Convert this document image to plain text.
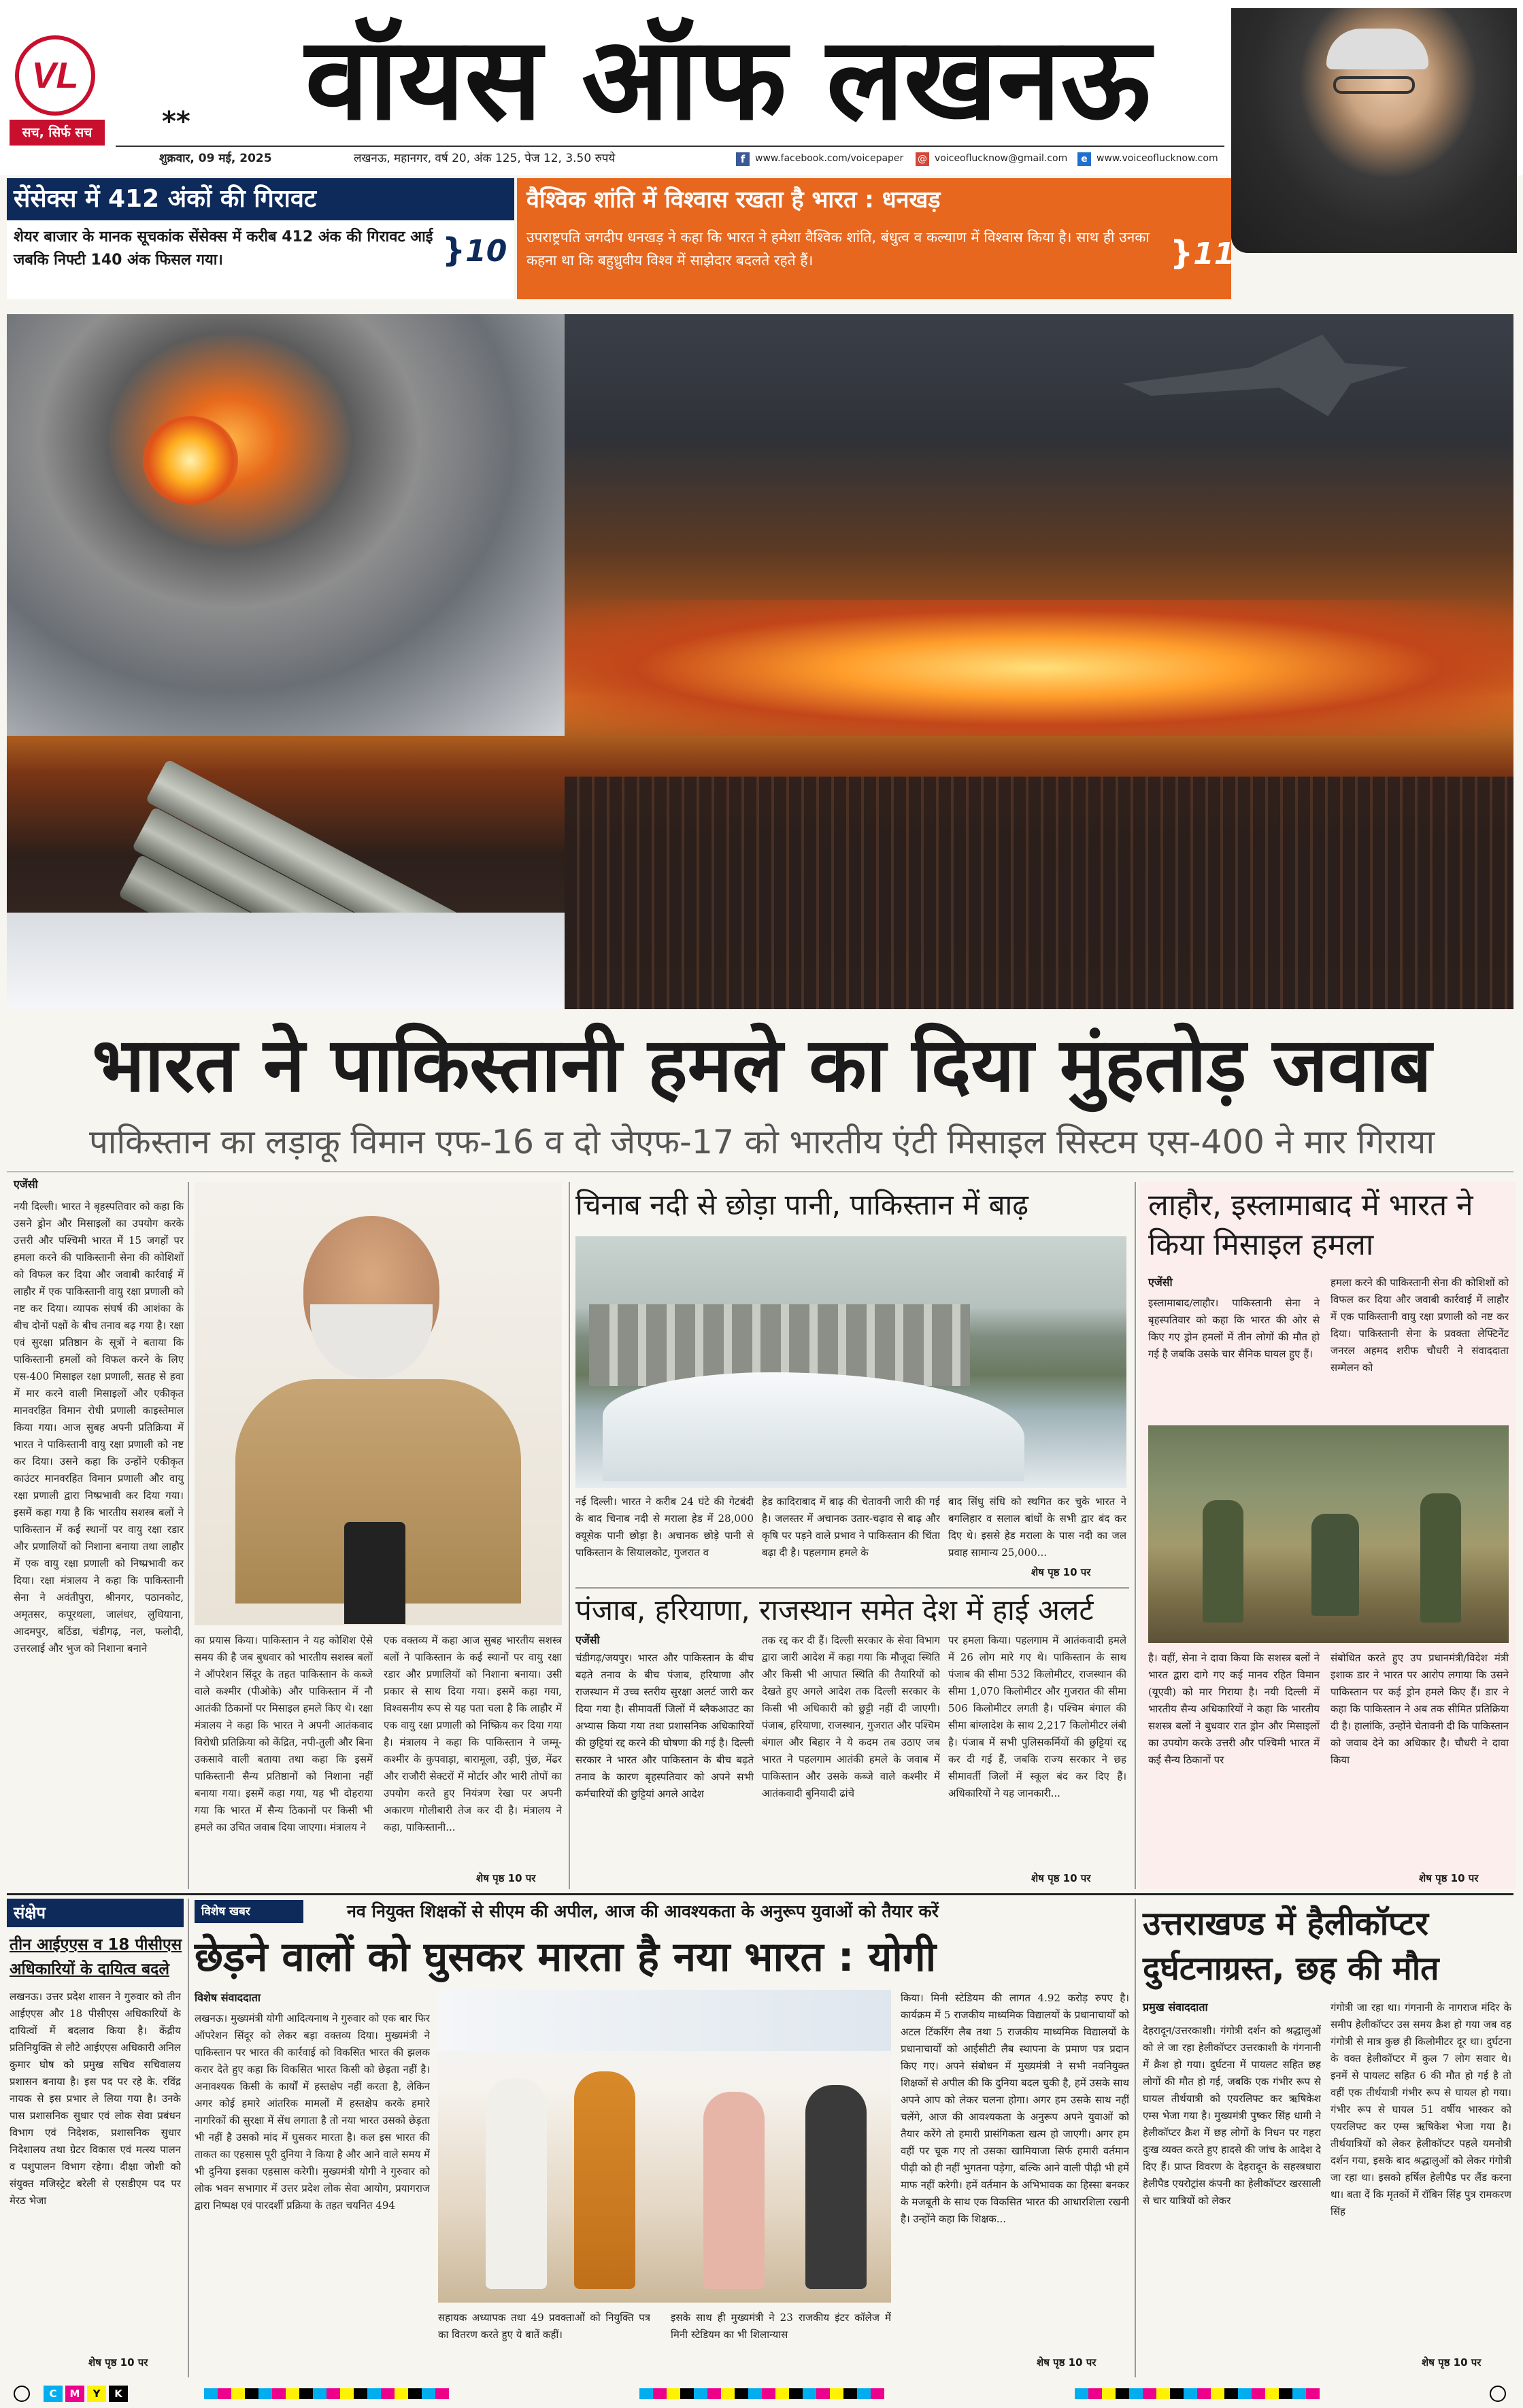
VL
सच, सिर्फ सच	**	वॉयस ऑफ लखनऊ
शुक्रवार, 09 मई, 2025	लखनऊ, महानगर, वर्ष 20, अंक 125, पेज 12, 3.50 रुपये	f	www.facebook.com/voicepaper @ voiceoflucknow@gmail.com	e www.voiceoflucknow.com
सेंसेक्स में 412 अंकों की गिरावट
शेयर बाजार के मानक सूचकांक सेंसेक्स में करीब 412 अंक की गिरावट आई जबकि निफ्टी 140 अंक फिसल गया।	}10
वैश्विक शांति में विश्वास रखता है भारत : धनखड़
उपराष्ट्रपति जगदीप धनखड़ ने कहा कि भारत ने हमेशा वैश्विक शांति, बंधुत्व व कल्याण में विश्वास किया है। साथ ही उनका कहना था कि बहुध्रुवीय विश्व में साझेदार बदलते रहते हैं।	}11
भारत ने पाकिस्तानी हमले का दिया मुंहतोड़ जवाब
पाकिस्तान का लड़ाकू विमान एफ-16 व दो जेएफ-17 को भारतीय एंटी मिसाइल सिस्टम एस-400 ने मार गिराया
एजेंसी
नयी दिल्ली। भारत ने बृहस्पतिवार को कहा कि उसने ड्रोन और मिसाइलों का उपयोग करके उत्तरी और पश्चिमी भारत में 15 जगहों पर हमला करने की पाकिस्तानी सेना की कोशिशों को विफल कर दिया और जवाबी कार्रवाई में लाहौर में एक पाकिस्तानी वायु रक्षा प्रणाली को नष्ट कर दिया। व्यापक संघर्ष की आशंका के बीच दोनों पक्षों के बीच तनाव बढ़ गया है। रक्षा एवं सुरक्षा प्रतिष्ठान के सूत्रों ने बताया कि पाकिस्तानी हमलों को विफल करने के लिए एस-400 मिसाइल रक्षा प्रणाली, सतह से हवा में मार करने वाली मिसाइलों और एकीकृत मानवरहित विमान रोधी प्रणाली काइस्तेमाल किया गया। आज सुबह अपनी प्रतिक्रिया में भारत ने पाकिस्तानी वायु रक्षा प्रणाली को नष्ट कर दिया। उसने कहा कि उन्होंने एकीकृत काउंटर मानवरहित विमान प्रणाली और वायु रक्षा प्रणाली द्वारा निष्प्रभावी कर दिया गया। इसमें कहा गया है कि भारतीय सशस्त्र बलों ने पाकिस्तान में कई स्थानों पर वायु रक्षा रडार और प्रणालियों को निशाना बनाया तथा लाहौर में एक वायु रक्षा प्रणाली को निष्प्रभावी कर दिया। रक्षा मंत्रालय ने कहा कि पाकिस्तानी सेना ने अवंतीपुरा, श्रीनगर, पठानकोट, अमृतसर, कपूरथला, जालंधर, लुधियाना, आदमपुर, बठिंडा, चंडीगढ़, नल, फलोदी, उत्तरलाई और भुज को निशाना बनाने
का प्रयास किया। पाकिस्तान ने यह कोशिश ऐसे समय की है जब बुधवार को भारतीय सशस्त्र बलों ने ऑपरेशन सिंदूर के तहत पाकिस्तान के कब्जे वाले कश्मीर (पीओके) और पाकिस्तान में नौ आतंकी ठिकानों पर मिसाइल हमले किए थे। रक्षा मंत्रालय ने कहा कि भारत ने अपनी आतंकवाद विरोधी प्रतिक्रिया को केंद्रित, नपी-तुली और बिना उकसावे वाली बताया तथा कहा कि इसमें पाकिस्तानी सैन्य प्रतिष्ठानों को निशाना नहीं बनाया गया। इसमें कहा गया, यह भी दोहराया गया कि भारत में सैन्य ठिकानों पर किसी भी हमले का उचित जवाब दिया जाएगा। मंत्रालय ने
एक वक्तव्य में कहा आज सुबह भारतीय सशस्त्र बलों ने पाकिस्तान के कई स्थानों पर वायु रक्षा रडार और प्रणालियों को निशाना बनाया। उसी प्रकार से साथ दिया गया। इसमें कहा गया, विश्वसनीय रूप से यह पता चला है कि लाहौर में एक वायु रक्षा प्रणाली को निष्क्रिय कर दिया गया है। मंत्रालय ने कहा कि पाकिस्तान ने जम्मू-कश्मीर के कुपवाड़ा, बारामूला, उड़ी, पुंछ, मेंढर और राजौरी सेक्टरों में मोर्टार और भारी तोपों का उपयोग करते हुए नियंत्रण रेखा पर अपनी अकारण गोलीबारी तेज कर दी है। मंत्रालय ने कहा, पाकिस्तानी...
शेष पृष्ठ 10 पर
चिनाब नदी से छोड़ा पानी, पाकिस्तान में बाढ़
नई दिल्ली। भारत ने करीब 24 घंटे की गेटबंदी के बाद चिनाब नदी से मराला हेड में 28,000 क्यूसेक पानी छोड़ा है। अचानक छोड़े पानी से पाकिस्तान के सियालकोट, गुजरात व
हेड कादिराबाद में बाढ़ की चेतावनी जारी की गई है। जलस्तर में अचानक उतार-चढ़ाव से बाढ़ और कृषि पर पड़ने वाले प्रभाव ने पाकिस्तान की चिंता बढ़ा दी है। पहलगाम हमले के
बाद सिंधु संधि को स्थगित कर चुके भारत ने बगलिहार व सलाल बांधों के सभी द्वार बंद कर दिए थे। इससे हेड मराला के पास नदी का जल प्रवाह सामान्य 25,000...
शेष पृष्ठ 10 पर
पंजाब, हरियाणा, राजस्थान समेत देश में हाई अलर्ट
एजेंसी
चंडीगढ़/जयपुर। भारत और पाकिस्तान के बीच बढ़ते तनाव के बीच पंजाब, हरियाणा और राजस्थान में उच्च स्तरीय सुरक्षा अलर्ट जारी कर दिया गया है। सीमावर्ती जिलों में ब्लैकआउट का अभ्यास किया गया तथा प्रशासनिक अधिकारियों की छुट्टियां रद्द करने की घोषणा की गई है। दिल्ली सरकार ने भारत और पाकिस्तान के बीच बढ़ते तनाव के कारण बृहस्पतिवार को अपने सभी कर्मचारियों की छुट्टियां अगले आदेश
तक रद्द कर दी हैं। दिल्ली सरकार के सेवा विभाग द्वारा जारी आदेश में कहा गया कि मौजूदा स्थिति और किसी भी आपात स्थिति की तैयारियों को देखते हुए अगले आदेश तक दिल्ली सरकार के किसी भी अधिकारी को छुट्टी नहीं दी जाएगी। पंजाब, हरियाणा, राजस्थान, गुजरात और पश्चिम बंगाल और बिहार ने ये कदम तब उठाए जब भारत ने पहलगाम आतंकी हमले के जवाब में पाकिस्तान और उसके कब्जे वाले कश्मीर में आतंकवादी बुनियादी ढांचे
पर हमला किया। पहलगाम में आतंकवादी हमले में 26 लोग मारे गए थे। पाकिस्तान के साथ पंजाब की सीमा 532 किलोमीटर, राजस्थान की सीमा 1,070 किलोमीटर और गुजरात की सीमा 506 किलोमीटर लगती है। पश्चिम बंगाल की सीमा बांग्लादेश के साथ 2,217 किलोमीटर लंबी है। पंजाब में सभी पुलिसकर्मियों की छुट्टियां रद्द कर दी गई हैं, जबकि राज्य सरकार ने छह सीमावर्ती जिलों में स्कूल बंद कर दिए हैं। अधिकारियों ने यह जानकारी...
शेष पृष्ठ 10 पर
लाहौर, इस्लामाबाद में भारत ने किया मिसाइल हमला
एजेंसी
इस्लामाबाद/लाहौर। पाकिस्तानी सेना ने बृहस्पतिवार को कहा कि भारत की ओर से किए गए ड्रोन हमलों में तीन लोगों की मौत हो गई है जबकि उसके चार सैनिक घायल हुए हैं।
हमला करने की पाकिस्तानी सेना की कोशिशों को विफल कर दिया और जवाबी कार्रवाई में लाहौर में एक पाकिस्तानी वायु रक्षा प्रणाली को नष्ट कर दिया। पाकिस्तानी सेना के प्रवक्ता लेफ्टिनेंट जनरल अहमद शरीफ चौधरी ने संवाददाता सम्मेलन को
है। वहीं, सेना ने दावा किया कि सशस्त्र बलों ने भारत द्वारा दागे गए कई मानव रहित विमान (यूएवी) को मार गिराया है। नयी दिल्ली में भारतीय सैन्य अधिकारियों ने कहा कि भारतीय सशस्त्र बलों ने बुधवार रात ड्रोन और मिसाइलों का उपयोग करके उत्तरी और पश्चिमी भारत में कई सैन्य ठिकानों पर
संबोधित करते हुए उप प्रधानमंत्री/विदेश मंत्री इशाक डार ने भारत पर आरोप लगाया कि उसने पाकिस्तान पर कई ड्रोन हमले किए हैं। डार ने कहा कि पाकिस्तान ने अब तक सीमित प्रतिक्रिया दी है। हालांकि, उन्होंने चेतावनी दी कि पाकिस्तान को जवाब देने का अधिकार है। चौधरी ने दावा किया
शेष पृष्ठ 10 पर
संक्षेप
तीन आईएएस व 18 पीसीएस अधिकारियों के दायित्व बदले
लखनऊ। उत्तर प्रदेश शासन ने गुरुवार को तीन आईएएस और 18 पीसीएस अधिकारियों के दायित्वों में बदलाव किया है। केंद्रीय प्रतिनियुक्ति से लौटे आईएएस अधिकारी अनिल कुमार घोष को प्रमुख सचिव सचिवालय प्रशासन बनाया है। इस पद पर रहे के. रविंद्र नायक से इस प्रभार ले लिया गया है। उनके पास प्रशासनिक सुधार एवं लोक सेवा प्रबंधन विभाग एवं निदेशक, प्रशासनिक सुधार निदेशालय तथा ग्रेटर विकास एवं मत्स्य पालन व पशुपालन विभाग रहेगा। दीक्षा जोशी को संयुक्त मजिस्ट्रेट बरेली से एसडीएम पद पर मेरठ भेजा
शेष पृष्ठ 10 पर
विशेष खबर	नव नियुक्त शिक्षकों से सीएम की अपील, आज की आवश्यकता के अनुरूप युवाओं को तैयार करें
छेड़ने वालों को घुसकर मारता है नया भारत : योगी
विशेष संवाददाता
लखनऊ। मुख्यमंत्री योगी आदित्यनाथ ने गुरुवार को एक बार फिर ऑपरेशन सिंदूर को लेकर बड़ा वक्तव्य दिया। मुख्यमंत्री ने पाकिस्तान पर भारत की कार्रवाई को विकसित भारत की झलक करार देते हुए कहा कि विकसित भारत किसी को छेड़ता नहीं है। अनावश्यक किसी के कार्यों में हस्तक्षेप नहीं करता है, लेकिन अगर कोई हमारे आंतरिक मामलों में हस्तक्षेप करके हमारे नागरिकों की सुरक्षा में सेंध लगाता है तो नया भारत उसको छेड़ता भी नहीं है उसको मांद में घुसकर मारता है। कल इस भारत की ताकत का एहसास पूरी दुनिया ने किया है और आने वाले समय में भी दुनिया इसका एहसास करेगी। मुख्यमंत्री योगी ने गुरुवार को लोक भवन सभागार में उत्तर प्रदेश लोक सेवा आयोग, प्रयागराज द्वारा निष्पक्ष एवं पारदर्शी प्रक्रिया के तहत चयनित 494
सहायक अध्यापक तथा 49 प्रवक्ताओं को नियुक्ति पत्र का वितरण करते हुए ये बातें कहीं।
इसके साथ ही मुख्यमंत्री ने 23 राजकीय इंटर कॉलेज में मिनी स्टेडियम का भी शिलान्यास
किया। मिनी स्टेडियम की लागत 4.92 करोड़ रुपए है। कार्यक्रम में 5 राजकीय माध्यमिक विद्यालयों के प्रधानाचार्यों को अटल टिंकरिंग लैब तथा 5 राजकीय माध्यमिक विद्यालयों के प्रधानाचार्यों को आईसीटी लैब स्थापना के प्रमाण पत्र प्रदान किए गए। अपने संबोधन में मुख्यमंत्री ने सभी नवनियुक्त शिक्षकों से अपील की कि दुनिया बदल चुकी है, हमें उसके साथ अपने आप को लेकर चलना होगा। अगर हम उसके साथ नहीं चलेंगे, आज की आवश्यकता के अनुरूप अपने युवाओं को तैयार करेंगे तो हमारी प्रासंगिकता खत्म हो जाएगी। अगर हम वहीं पर चूक गए तो उसका खामियाजा सिर्फ हमारी वर्तमान पीढ़ी को ही नहीं भुगतना पड़ेगा, बल्कि आने वाली पीढ़ी भी हमें माफ नहीं करेगी। हमें वर्तमान के अभिभावक का हिस्सा बनकर के मजबूती के साथ एक विकसित भारत की आधारशिला रखनी है। उन्होंने कहा कि शिक्षक...
शेष पृष्ठ 10 पर
उत्तराखण्ड में हैलीकॉप्टर दुर्घटनाग्रस्त, छह की मौत
प्रमुख संवाददाता
देहरादून/उत्तरकाशी। गंगोत्री दर्शन को श्रद्धालुओं को ले जा रहा हेलीकॉप्टर उत्तरकाशी के गंगनानी में क्रैश हो गया। दुर्घटना में पायलट सहित छह लोगों की मौत हो गई, जबकि एक गंभीर रूप से घायल तीर्थयात्री को एयरलिफ्ट कर ऋषिकेश एम्स भेजा गया है। मुख्यमंत्री पुष्कर सिंह धामी ने हेलीकॉप्टर क्रैश में छह लोगों के निधन पर गहरा दुःख व्यक्त करते हुए हादसे की जांच के आदेश दे दिए हैं। प्राप्त विवरण के देहरादून के सहस्त्रधारा हेलीपैड एयरोट्रांस कंपनी का हेलीकॉप्टर खरसाली से चार यात्रियों को लेकर
गंगोत्री जा रहा था। गंगनानी के नागराज मंदिर के समीप हेलीकॉप्टर उस समय क्रैश हो गया जब वह गंगोत्री से मात्र कुछ ही किलोमीटर दूर था। दुर्घटना के वक्त हेलीकॉप्टर में कुल 7 लोग सवार थे। इनमें से पायलट सहित 6 की मौत हो गई है तो वहीं एक तीर्थयात्री गंभीर रूप से घायल हो गया। गंभीर रूप से घायल 51 वर्षीय भास्कर को एयरलिफ्ट कर एम्स ऋषिकेश भेजा गया है। तीर्थयात्रियों को लेकर हेलीकॉप्टर पहले यमनोत्री दर्शन गया, इसके बाद श्रद्धालुओं को लेकर गंगोत्री जा रहा था। इसको हर्षिल हेलीपैड पर लैंड करना था। बता दें कि मृतकों में रॉबिन सिंह पुत्र रामकरण सिंह
शेष पृष्ठ 10 पर
C	M	Y	K
